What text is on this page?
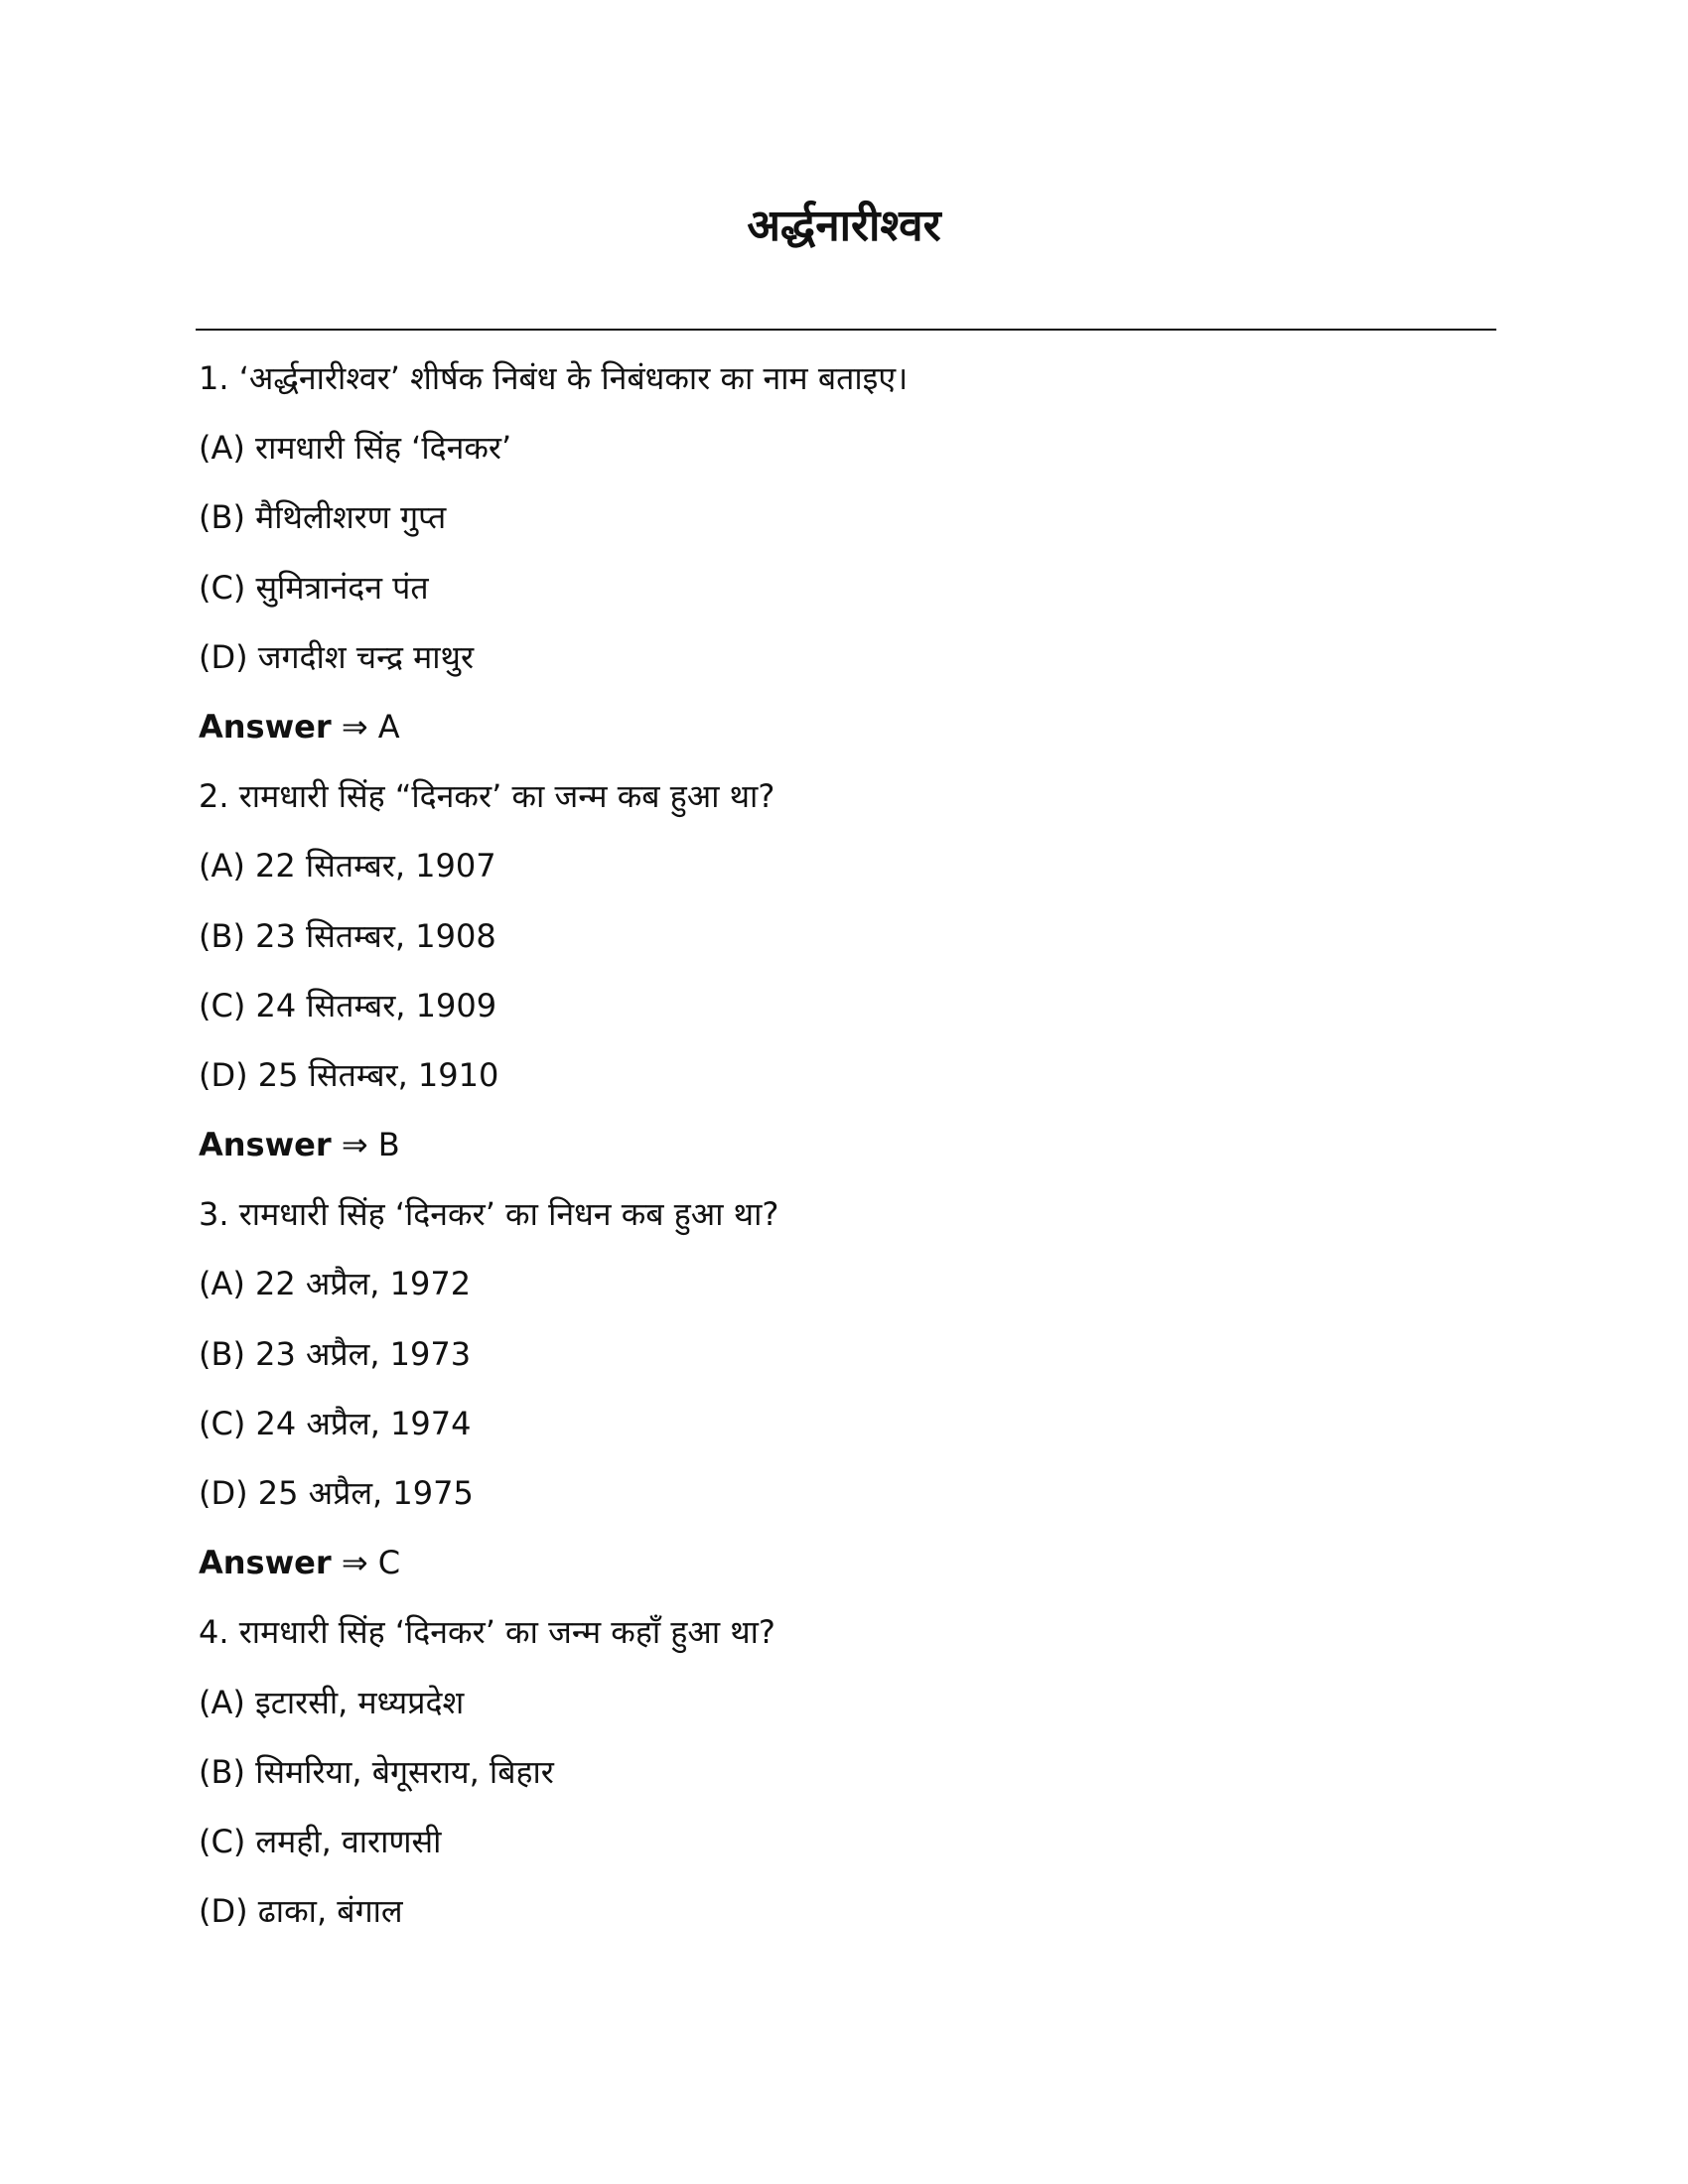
अर्द्धनारीश्वर
1. ‘अर्द्धनारीश्वर’ शीर्षक निबंध के निबंधकार का नाम बताइए।
(A) रामधारी सिंह ‘दिनकर’
(B) मैथिलीशरण गुप्त
(C) सुमित्रानंदन पंत
(D) जगदीश चन्द्र माथुर
Answer ⇒ A
2. रामधारी सिंह “दिनकर’ का जन्म कब हुआ था?
(A) 22 सितम्बर, 1907
(B) 23 सितम्बर, 1908
(C) 24 सितम्बर, 1909
(D) 25 सितम्बर, 1910
Answer ⇒ B
3. रामधारी सिंह ‘दिनकर’ का निधन कब हुआ था?
(A) 22 अप्रैल, 1972
(B) 23 अप्रैल, 1973
(C) 24 अप्रैल, 1974
(D) 25 अप्रैल, 1975
Answer ⇒ C
4. रामधारी सिंह ‘दिनकर’ का जन्म कहाँ हुआ था?
(A) इटारसी, मध्यप्रदेश
(B) सिमरिया, बेगूसराय, बिहार
(C) लमही, वाराणसी
(D) ढाका, बंगाल
